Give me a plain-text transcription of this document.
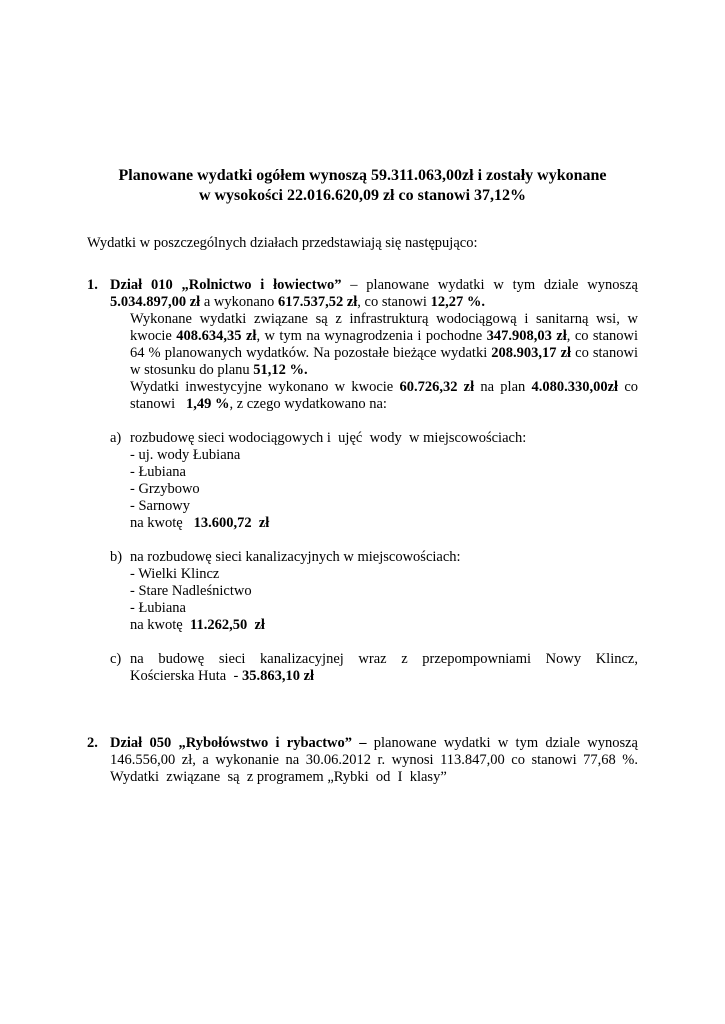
Planowane wydatki ogółem wynoszą 59.311.063,00zł i zostały wykonane
w wysokości 22.016.620,09 zł co stanowi 37,12%
Wydatki w poszczególnych działach przedstawiają się następująco:
1. Dział 010 „Rolnictwo i łowiectwo” – planowane wydatki w tym dziale wynoszą
5.034.897,00 zł a wykonano 617.537,52 zł, co stanowi 12,27 %.
Wykonane wydatki związane są z infrastrukturą wodociągową i sanitarną wsi, w
kwocie 408.634,35 zł, w tym na wynagrodzenia i pochodne 347.908,03 zł, co stanowi
64 % planowanych wydatków. Na pozostałe bieżące wydatki 208.903,17 zł co stanowi
w stosunku do planu 51,12 %.
Wydatki inwestycyjne wykonano w kwocie 60.726,32 zł na plan 4.080.330,00zł co
stanowi   1,49 %, z czego wydatkowano na:
a) rozbudowę sieci wodociągowych i  ujęć  wody  w miejscowościach:
- uj. wody Łubiana
- Łubiana
- Grzybowo
- Sarnowy
na kwotę   13.600,72  zł
b) na rozbudowę sieci kanalizacyjnych w miejscowościach:
- Wielki Klincz
- Stare Nadleśnictwo
- Łubiana
na kwotę  11.262,50  zł
c) na budowę sieci kanalizacyjnej wraz z przepompowniami Nowy Klincz,
Kościerska Huta  - 35.863,10 zł
2. Dział 050 „Rybołówstwo i rybactwo” – planowane wydatki w tym dziale wynoszą
146.556,00 zł, a wykonanie na 30.06.2012 r. wynosi 113.847,00 co stanowi 77,68 %.
Wydatki  związane  są  z programem „Rybki  od  I  klasy”
